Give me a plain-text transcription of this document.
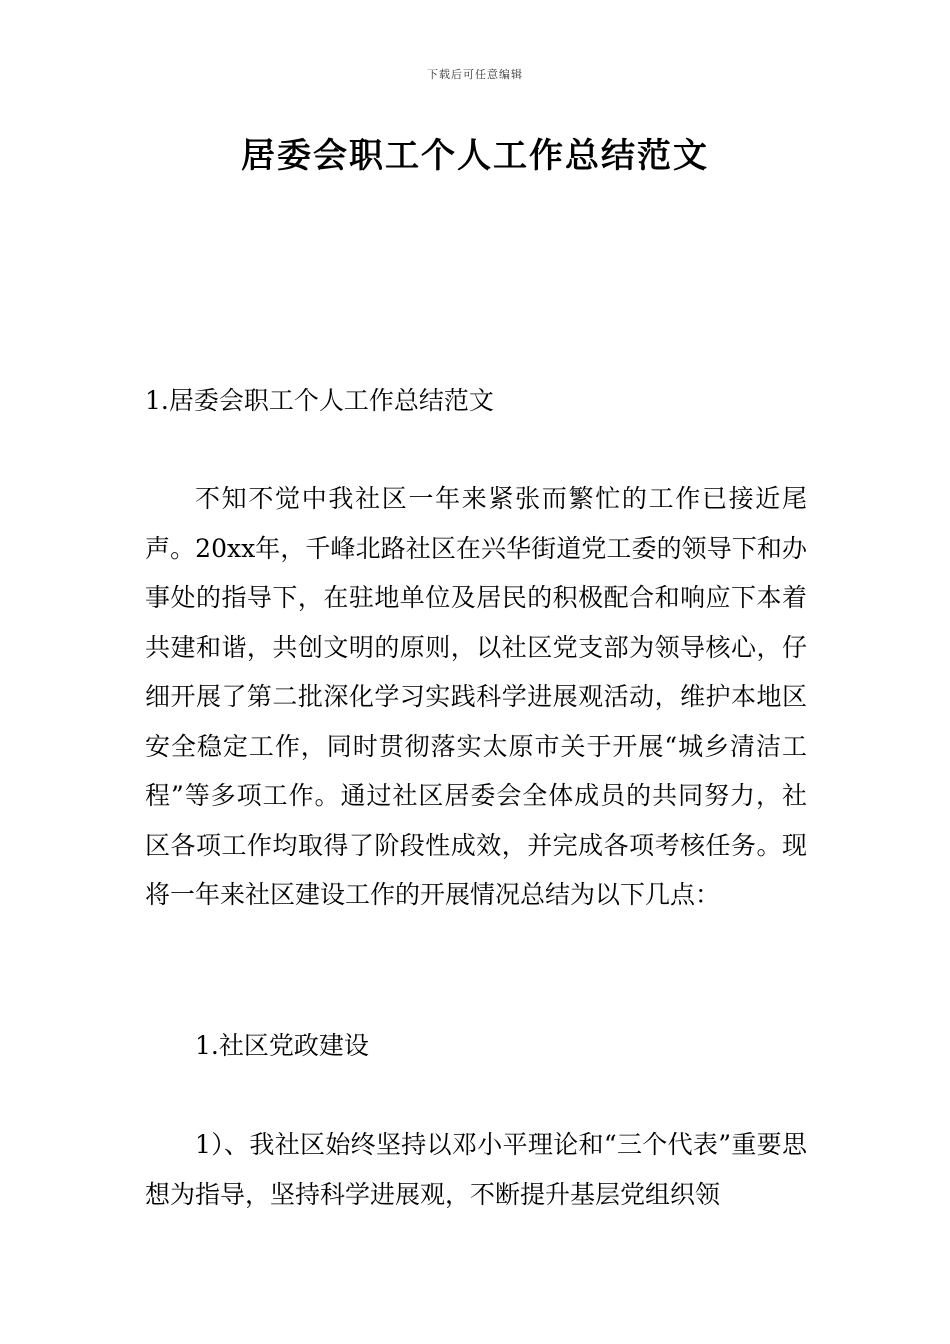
下载后可任意编辑
居委会职工个人工作总结范文

1.居委会职工个人工作总结范文

不知不觉中我社区一年来紧张而繁忙的工作已接近尾声。20xx年，千峰北路社区在兴华街道党工委的领导下和办事处的指导下，在驻地单位及居民的积极配合和响应下本着共建和谐，共创文明的原则，以社区党支部为领导核心，仔细开展了第二批深化学习实践科学进展观活动，维护本地区安全稳定工作，同时贯彻落实太原市关于开展“城乡清洁工程”等多项工作。通过社区居委会全体成员的共同努力，社区各项工作均取得了阶段性成效，并完成各项考核任务。现将一年来社区建设工作的开展情况总结为以下几点：

1.社区党政建设

1）、我社区始终坚持以邓小平理论和“三个代表”重要思想为指导，坚持科学进展观，不断提升基层党组织领
